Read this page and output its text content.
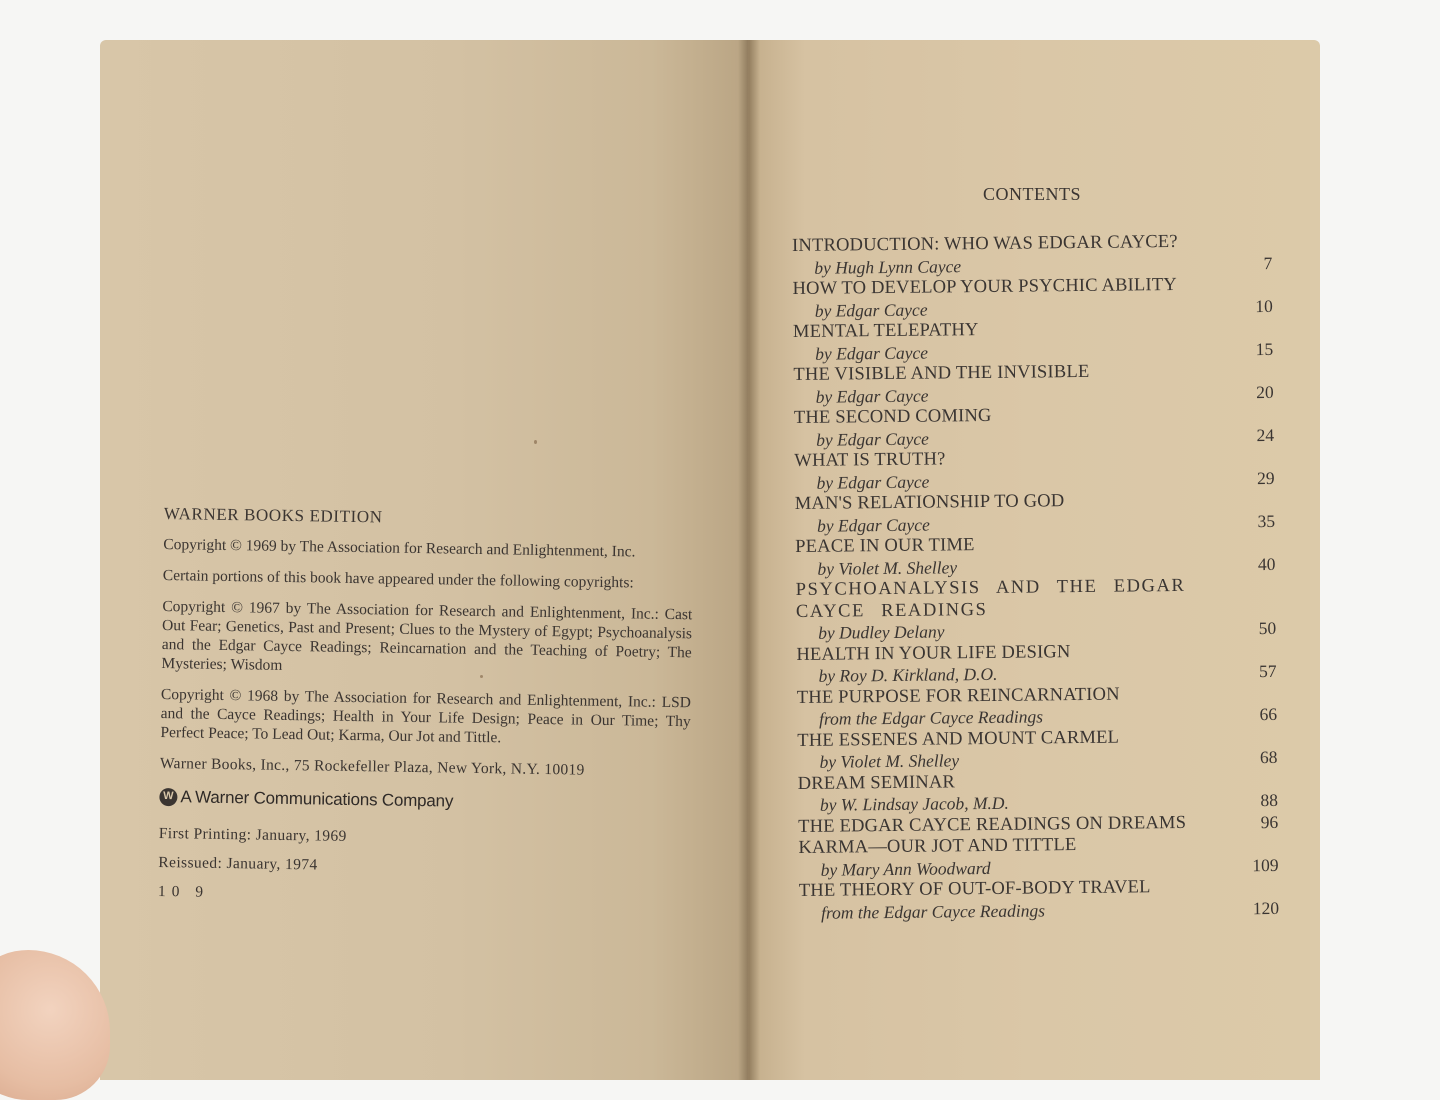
WARNER BOOKS EDITION

Copyright © 1969 by The Association for Research and Enlightenment, Inc.

Certain portions of this book have appeared under the following copyrights:

Copyright © 1967 by The Association for Research and Enlightenment, Inc.: Cast Out Fear; Genetics, Past and Present; Clues to the Mystery of Egypt; Psychoanalysis and the Edgar Cayce Readings; Reincarnation and the Teaching of Poetry; The Mysteries; Wisdom

Copyright © 1968 by The Association for Research and Enlightenment, Inc.: LSD and the Cayce Readings; Health in Your Life Design; Peace in Our Time; Thy Perfect Peace; To Lead Out; Karma, Our Jot and Tittle.

Warner Books, Inc., 75 Rockefeller Plaza, New York, N.Y. 10019
W A Warner Communications Company
First Printing: January, 1969
Reissued: January, 1974
10 9
CONTENTS
INTRODUCTION: WHO WAS EDGAR CAYCE?
by Hugh Lynn Cayce	7
HOW TO DEVELOP YOUR PSYCHIC ABILITY
by Edgar Cayce	10
MENTAL TELEPATHY
by Edgar Cayce	15
THE VISIBLE AND THE INVISIBLE
by Edgar Cayce	20
THE SECOND COMING
by Edgar Cayce	24
WHAT IS TRUTH?
by Edgar Cayce	29
MAN'S RELATIONSHIP TO GOD
by Edgar Cayce	35
PEACE IN OUR TIME
by Violet M. Shelley	40
PSYCHOANALYSIS AND THE EDGAR CAYCE READINGS
by Dudley Delany	50
HEALTH IN YOUR LIFE DESIGN
by Roy D. Kirkland, D.O.	57
THE PURPOSE FOR REINCARNATION
from the Edgar Cayce Readings	66
THE ESSENES AND MOUNT CARMEL
by Violet M. Shelley	68
DREAM SEMINAR
by W. Lindsay Jacob, M.D.	88
THE EDGAR CAYCE READINGS ON DREAMS	96
KARMA—OUR JOT AND TITTLE
by Mary Ann Woodward	109
THE THEORY OF OUT-OF-BODY TRAVEL
from the Edgar Cayce Readings	120
